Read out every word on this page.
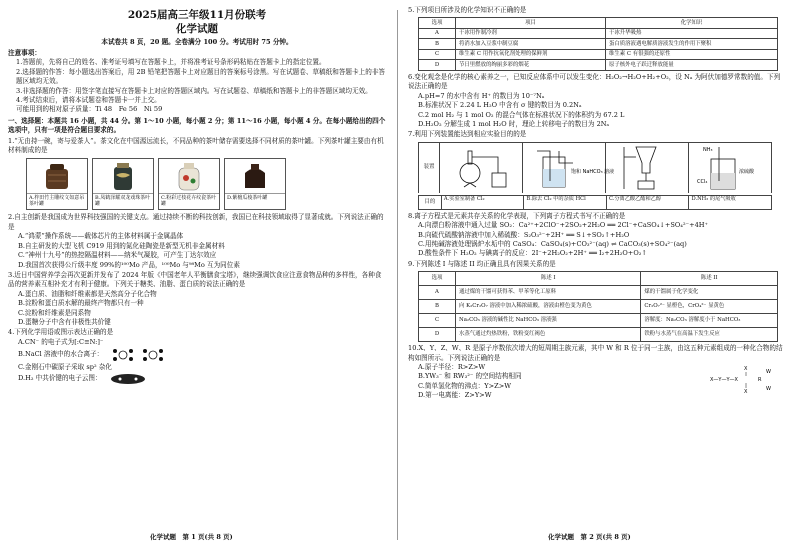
2025届高三年级11月份联考
化学试题
本试卷共 8 页，20 题。全卷满分 100 分。考试用时 75 分钟。

注意事项：

1.答题前，先将自己的姓名、准考证号填写在答题卡上，并将准考证号条形码粘贴在答题卡上的指定位置。

2.选择题的作答：每小题选出答案后，用 2B 铅笔把答题卡上对应题目的答案标号涂黑。写在试题卷、草稿纸和答题卡上的非答题区域均无效。

3.非选择题的作答：用签字笔直接写在答题卡上对应的答题区域内。写在试题卷、草稿纸和答题卡上的非答题区域均无效。

4.考试结束后，请将本试题卷和答题卡一并上交。

可能用到的相对原子质量：Ti 48　Fe 56　Ni 59

一、选择题：本题共 16 小题，共 44 分。第 1～10 小题，每小题 2 分；第 11～16 小题，每小题 4 分。在每小题给出的四个选项中，只有一项是符合题目要求的。

1.“无由持一碗，寄与爱茶人”。茶文化在中国源远流长，不同品种的茶叶储存需要选择不同材质的茶叶罐。下列茶叶罐主要由有机材料制成的是

A.柞田竹主雕纹文如意吊茶叶罐
B.凤鹤泽耀双龙戏珠茶叶罐
C.粉彩过枝花卉纹瓷茶叶罐
D.紫檀瓜棱茶叶罐

2.自主创新是我国成为世界科技强国的关键支点。通过持续不断的科技创新，我国已在科技领域取得了显著成就。下列说法正确的是

A.“鸿蒙”操作系统——载体芯片的主体材料属于金属晶体

B.自主研发的大型飞机 C919 用到的氮化硅陶瓷是新型无机非金属材料

C.“神州十九号”的热控隔温材料——纳米气凝胶，可产生丁达尔效应

D.我国首次获得公斤级丰度 99%的¹⁰⁰Mo 产品，¹⁰⁰Mo 与⁹⁸Mo 互为同位素

3.近日中国营养学会再次更新并发布了 2024 年版《中国老年人平衡膳食宝塔》，继续强调饮食应注意食物品种的多样性，各种食品的营养素互相补充才有利于健康。下列关于糖类、油脂、蛋白质的说法正确的是

A.蛋白质、油脂和纤维素都是天然高分子化合物

B.淀粉和蛋白质水解的最终产物都只有一种

C.淀粉和纤维素是同系物

D.蛋糖分子中含有非极性共价键

4.下列化学用语或图示表达正确的是

A.CN⁻ 的电子式为[:C≡N:]⁻

B.NaCl 溶液中的水合离子：

C.金刚石中碳原子采取 sp² 杂化

D.H₂ 中共价键的电子云图：

5.下列项目所涉及的化学知识不正确的是

选项	项目	化学知识
A	干冰用作制冷剂	干冰升华吸热
B	将消水加入豆浆中制豆腐	蛋白质溶液遇电解质溶液发生的作用下聚积
C	维生素 C 用作抗氧化剂处理的保鲜剂	维生素 C 有很强的还原性
D	节日里燃放的绚丽多彩的烟花	原子核外电子跃迁释放能量

6.变化观念是化学的核心素养之一，已知反应体系中可以发生变化：H₂O₂→H₂O+H₂+O₂，设 Nₐ 为阿伏加德罗常数的值。下列说法正确的是

A.pH=7 的水中含有 H⁺ 的数目为 10⁻⁷Nₐ

B.标准状况下 2.24 L H₂O 中含有 σ 键的数目为 0.2Nₐ

C.2 mol H₂ 与 1 mol O₂ 的混合气体在标准状况下的体积约为 67.2 L

D.H₂O₂ 分解生成 1 mol H₂O 时，理论上转移电子的数目为 2Nₐ

7.利用下列装置能达到相应实验目的的是

装置
饱和 NaHCO₃ 溶液
NH₃
CCl₄
浓硫酸
目的	A.实验室制备 Cl₂	B.除去 Cl₂ 中的杂质 HCl	C.分离乙酸乙酯和乙醇	D.NH₃ 的尾气吸收

8.离子方程式是元素共存关系的化学表现，下列离子方程式书写不正确的是

A.向漂白粉溶液中通入过量 SO₂：Ca²⁺+2ClO⁻+2SO₂+2H₂O ══ 2Cl⁻+CaSO₄↓+SO₄²⁻+4H⁺

B.向硫代硫酸钠溶液中加入稀硫酸：S₂O₃²⁻+2H⁺ ══ S↓+SO₂↑+H₂O

C.用纯碱溶液处理锅炉水垢中的 CaSO₄：CaSO₄(s)+CO₃²⁻(aq) ⇌ CaCO₃(s)+SO₄²⁻(aq)

D.酸性条件下 H₂O₂ 与碘离子的反应：2I⁻+2H₂O₂+2H⁺ ══ I₂+2H₂O+O₂↑

9.下列陈述 I 与陈述 II 均正确且具有因果关系的是

选项	陈述 I	陈述 II
A	通过煤的干馏可获得苯、甲苯等化工原料	煤的干馏属于化学变化
B	向 K₂Cr₂O₇ 溶液中加入稀浓硫酸，溶液由橙色变为黄色	Cr₂O₇²⁻ 显橙色，CrO₄²⁻ 显黄色
C	Na₂CO₃ 溶液的碱性比 NaHCO₃ 溶液强	溶解度：Na₂CO₃ 溶解度小于 NaHCO₃
D	水蒸气通过灼热铁粉，铁粉变红褐色	铁粉与水蒸气在高温下发生反应

10.X、Y、Z、W、R 是原子序数依次增大的短周期主族元素，其中 W 和 R 位于同一主族，由这五种元素组成的一种化合物的结构如图所示。下列说法正确的是

A.原子半径：R>Z>W

B.YW₃⁻ 和 RW₃²⁻ 的空间结构相同

C.简单氢化物的沸点：Y>Z>W

D.第一电离能：Z>Y>W

X—Y—Y—X
X
X
R
W
W
化学试题　第 1 页(共 8 页)	化学试题　第 2 页(共 8 页)
